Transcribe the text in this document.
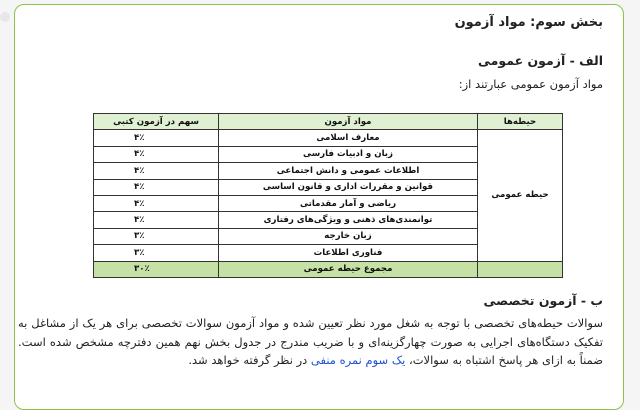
بخش سوم: مواد آزمون
الف - آزمون عمومی
مواد آزمون عمومی عبارتند از:
حیطه‌ها	مواد آزمون	سهم در آزمون کتبی
حیطه عمومی	معارف اسلامی	۴٪
	زبان و ادبیات فارسی	۴٪
	اطلاعات عمومی و دانش اجتماعی	۴٪
	قوانین و مقررات اداری و قانون اساسی	۴٪
	ریاضی و آمار مقدماتی	۴٪
	توانمندی‌های ذهنی و ویژگی‌های رفتاری	۴٪
	زبان خارجه	۳٪
	فناوری اطلاعات	۳٪
	مجموع حیطه عمومی	۳۰٪
ب - آزمون تخصصی
سوالات حیطه‌های تخصصی با توجه به شغل مورد نظر تعیین شده و مواد آزمون سوالات تخصصی برای هر یک از مشاغل به تفکیک دستگاه‌های اجرایی به صورت چهارگزینه‌ای و با ضریب مندرج در جدول بخش نهم همین دفترچه مشخص شده است. ضمناً به ازای هر پاسخ اشتباه به سوالات، یک سوم نمره منفی در نظر گرفته خواهد شد.
